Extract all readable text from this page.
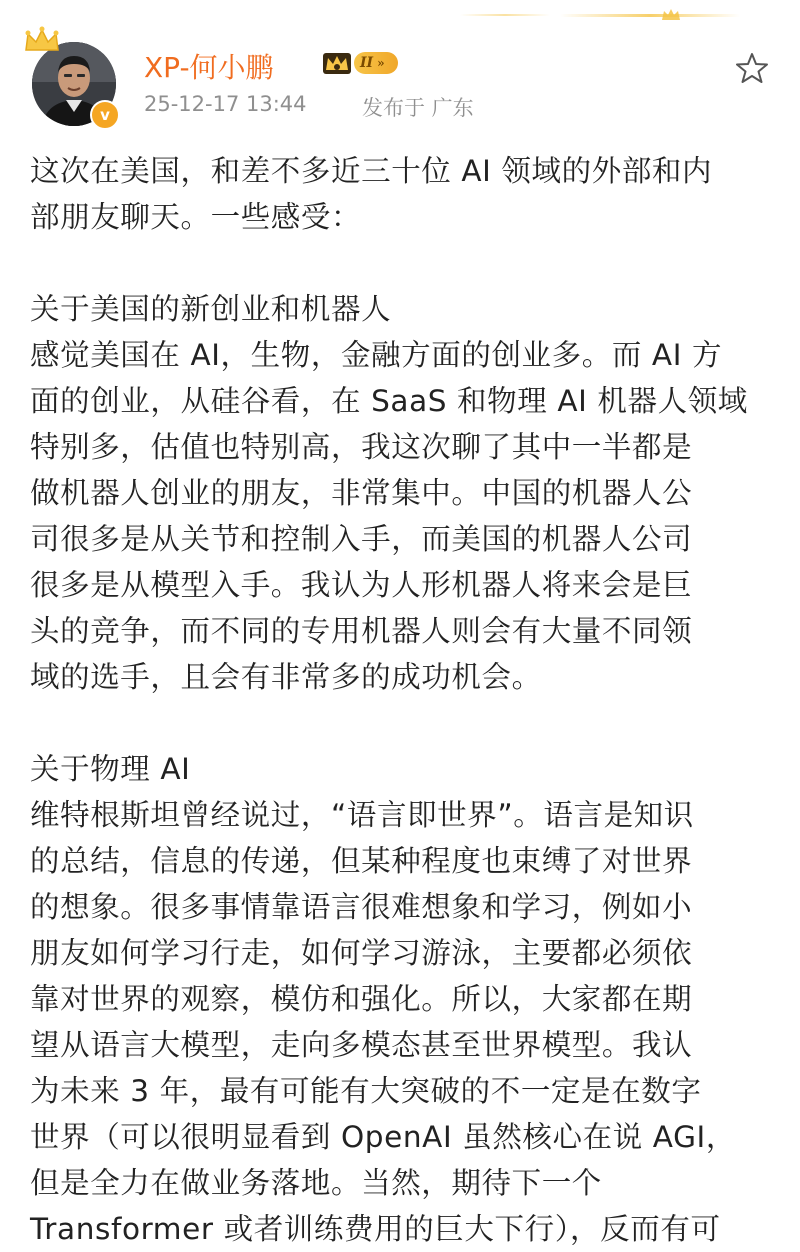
v
XP-何小鹏	II »
25-12-17 13:44	发布于 广东
这次在美国，和差不多近三十位 AI 领域的外部和内
部朋友聊天。一些感受：
关于美国的新创业和机器人
感觉美国在 AI，生物，金融方面的创业多。而 AI 方
面的创业，从硅谷看，在 SaaS 和物理 AI 机器人领域
特别多，估值也特别高，我这次聊了其中一半都是
做机器人创业的朋友，非常集中。中国的机器人公
司很多是从关节和控制入手，而美国的机器人公司
很多是从模型入手。我认为人形机器人将来会是巨
头的竞争，而不同的专用机器人则会有大量不同领
域的选手，且会有非常多的成功机会。
关于物理 AI
维特根斯坦曾经说过，“语言即世界”。语言是知识
的总结，信息的传递，但某种程度也束缚了对世界
的想象。很多事情靠语言很难想象和学习，例如小
朋友如何学习行走，如何学习游泳，主要都必须依
靠对世界的观察，模仿和强化。所以，大家都在期
望从语言大模型，走向多模态甚至世界模型。我认
为未来 3 年，最有可能有大突破的不一定是在数字
世界（可以很明显看到 OpenAI 虽然核心在说 AGI，
但是全力在做业务落地。当然，期待下一个
Transformer 或者训练费用的巨大下行），反而有可
